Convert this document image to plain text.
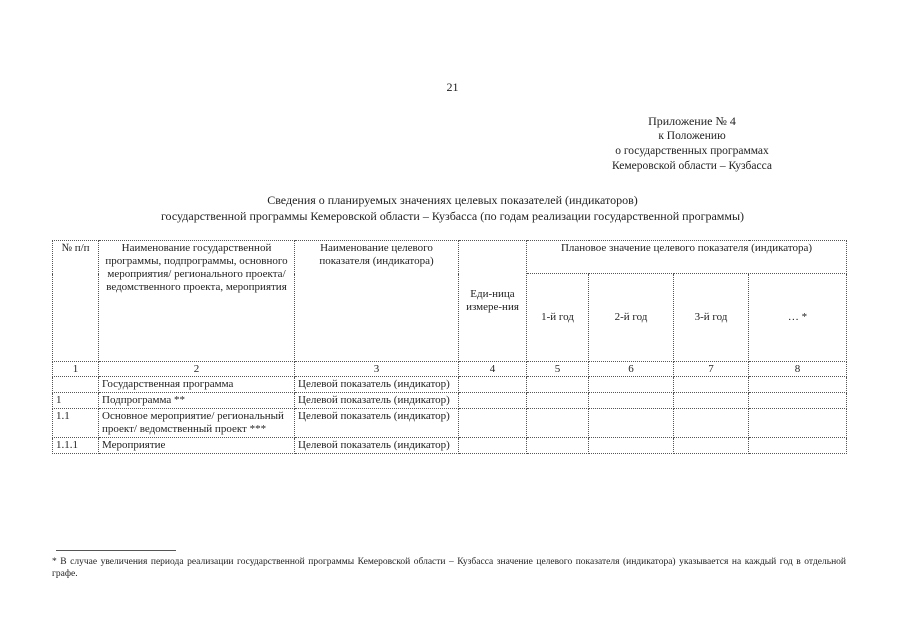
21
Приложение № 4
к Положению
о государственных программах
Кемеровской области – Кузбасса
Сведения о планируемых значениях целевых показателей (индикаторов)
государственной программы Кемеровской области – Кузбасса (по годам реализации государственной программы)
№ п/п	Наименование государственной программы, подпрограммы, основного мероприятия/ регионального проекта/ ведомственного проекта, мероприятия	Наименование целевого показателя (индикатора)	Еди-ница измере-ния	Плановое значение целевого показателя (индикатора)			
				1-й год	2-й год	3-й год	… *
1	2	3	4	5	6	7	8
	Государственная программа	Целевой показатель (индикатор)					
1	Подпрограмма **	Целевой показатель (индикатор)					
1.1	Основное мероприятие/ региональный проект/ ведомственный проект ***	Целевой показатель (индикатор)					
1.1.1	Мероприятие	Целевой показатель (индикатор)					
* В случае увеличения периода реализации государственной программы Кемеровской области – Кузбасса значение целевого показателя (индикатора) указывается на каждый год в отдельной графе.
